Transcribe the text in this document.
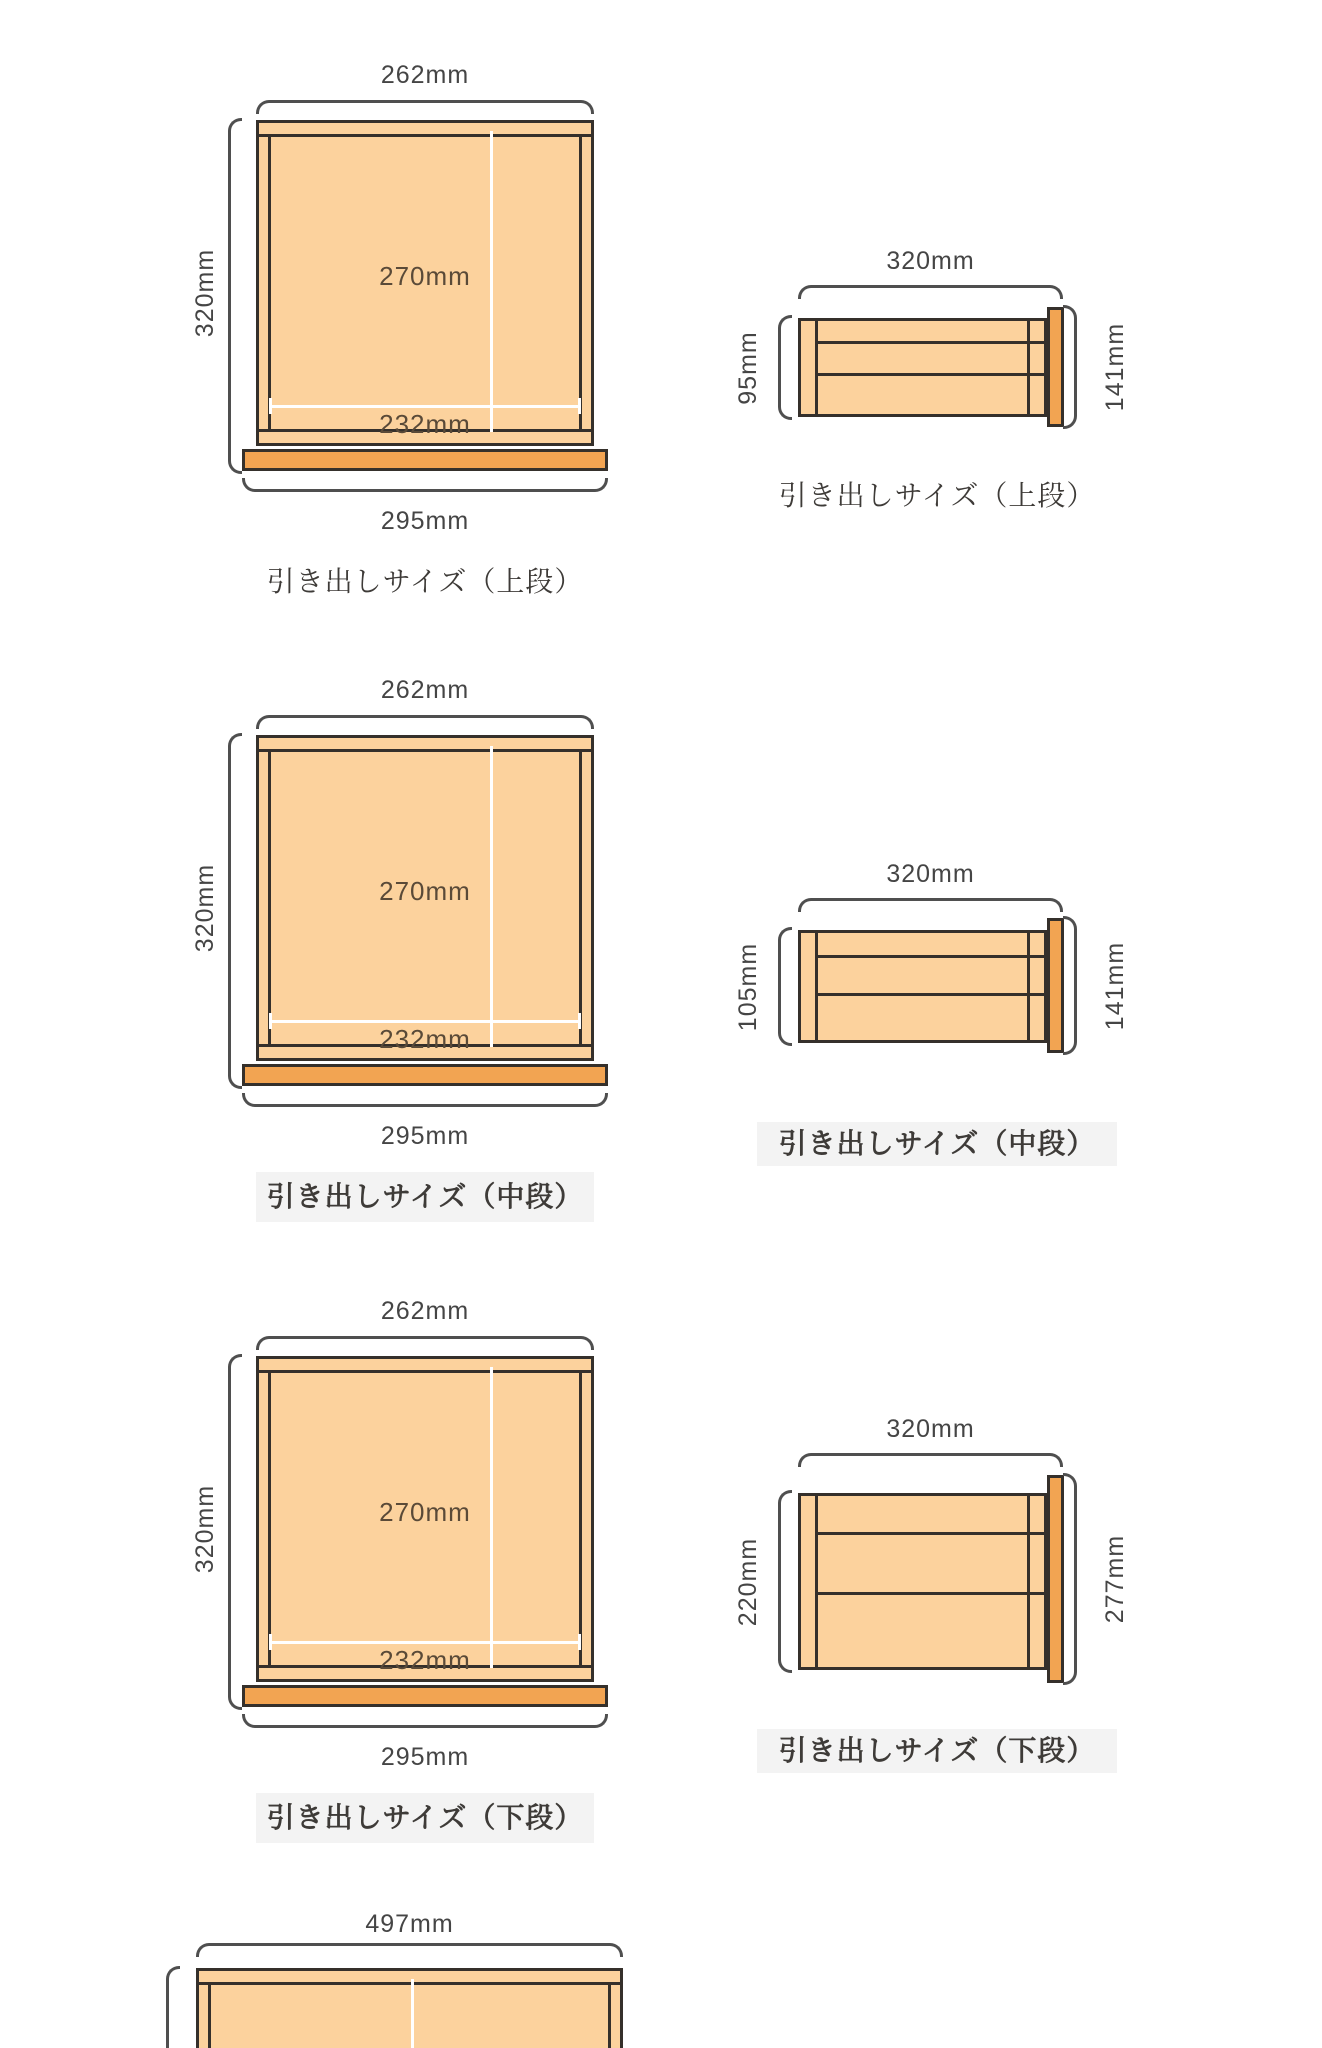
262mm
270mm
232mm
320mm
295mm
引き出しサイズ（上段）
320mm
95mm	141mm
引き出しサイズ（上段）
262mm
270mm
232mm
320mm
295mm
引き出しサイズ（中段）
320mm
105mm	141mm
引き出しサイズ（中段）
262mm
270mm
232mm
320mm
295mm
引き出しサイズ（下段）
320mm
220mm	277mm
引き出しサイズ（下段）
497mm
